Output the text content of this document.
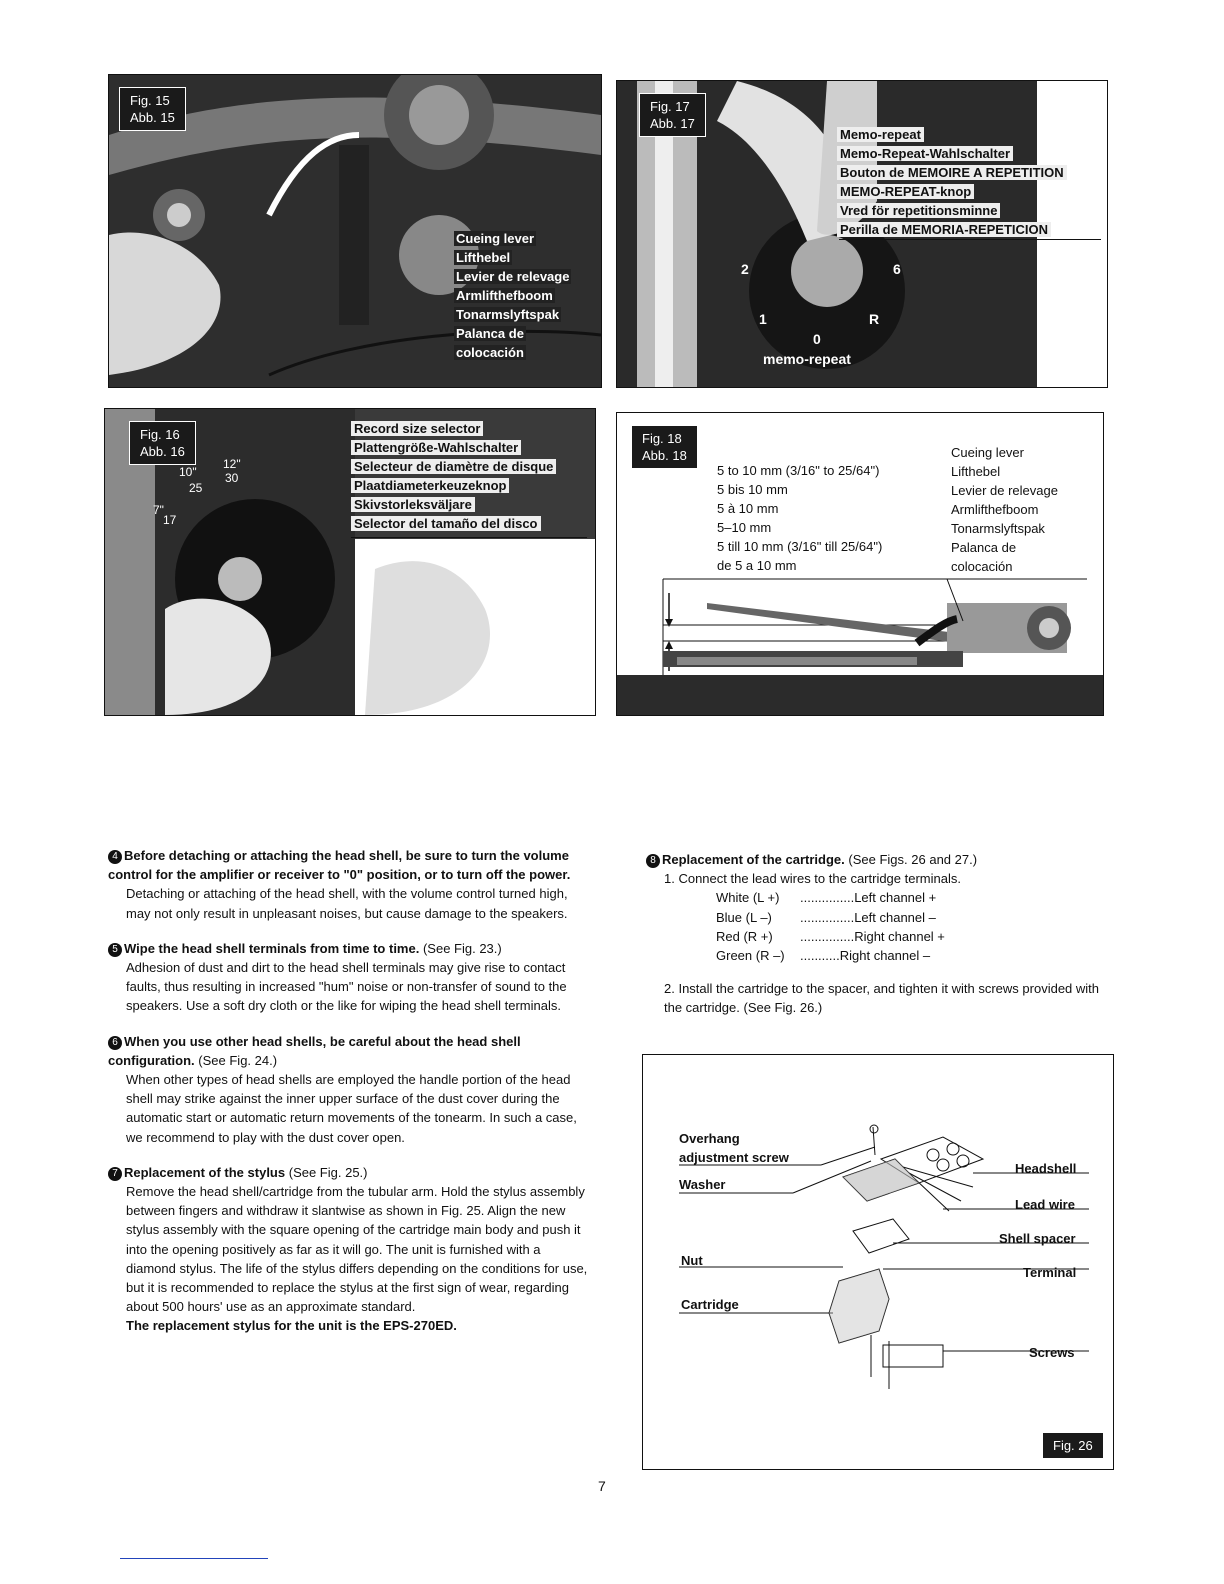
Fig. 15
Abb. 15
Cueing lever
Lifthebel
Levier de relevage
Armlifthefboom
Tonarmslyftspak
Palanca de
colocación
Fig. 17
Abb. 17
Memo-repeat
Memo-Repeat-Wahlschalter
Bouton de MEMOIRE A REPETITION
MEMO-REPEAT-knop
Vred för repetitionsminne
Perilla de MEMORIA-REPETICION
2	6
1	R
0
memo-repeat
Fig. 16
Abb. 16
10"
12"
25
30
7"
17
Record size selector
Plattengröße-Wahlschalter
Selecteur de diamètre de disque
Plaatdiameterkeuzeknop
Skivstorleksväljare
Selector del tamaño del disco
Fig. 18
Abb. 18
5 to 10 mm (3/16" to 25/64")
5 bis 10 mm
5 à 10 mm
5–10 mm
5 till 10 mm (3/16" till 25/64")
de 5 a 10 mm
Cueing lever
Lifthebel
Levier de relevage
Armlifthefboom
Tonarmslyftspak
Palanca de
colocación

4 Before detaching or attaching the head shell, be sure to turn the volume control for the amplifier or receiver to "0" position, or to turn off the power.

Detaching or attaching of the head shell, with the volume control turned high, may not only result in unpleasant noises, but cause damage to the speakers.

5 Wipe the head shell terminals from time to time. (See Fig. 23.)

Adhesion of dust and dirt to the head shell terminals may give rise to contact faults, thus resulting in increased "hum" noise or non-transfer of sound to the speakers. Use a soft dry cloth or the like for wiping the head shell terminals.

6 When you use other head shells, be careful about the head shell configuration. (See Fig. 24.)

When other types of head shells are employed the handle portion of the head shell may strike against the inner upper surface of the dust cover during the automatic start or automatic return movements of the tonearm. In such a case, we recommend to play with the dust cover open.

7 Replacement of the stylus (See Fig. 25.)

Remove the head shell/cartridge from the tubular arm. Hold the stylus assembly between fingers and withdraw it slantwise as shown in Fig. 25. Align the new stylus assembly with the square opening of the cartridge main body and push it into the opening positively as far as it will go. The unit is furnished with a diamond stylus. The life of the stylus differs depending on the conditions for use, but it is recommended to replace the stylus at the first sign of wear, regarding about 500 hours' use as an approximate standard.
The replacement stylus for the unit is the EPS-270ED.

8 Replacement of the cartridge. (See Figs. 26 and 27.)
1. Connect the lead wires to the cartridge terminals.
White (L +) ...............Left channel +
Blue (L –) ...............Left channel –
Red (R +) ...............Right channel +
Green (R –) ...........Right channel –
2. Install the cartridge to the spacer, and tighten it with screws provided with the cartridge. (See Fig. 26.)
Overhang
adjustment screw
Washer
Nut
Cartridge
Headshell
Lead wire
Shell spacer
Terminal
Screws
Fig. 26
7
